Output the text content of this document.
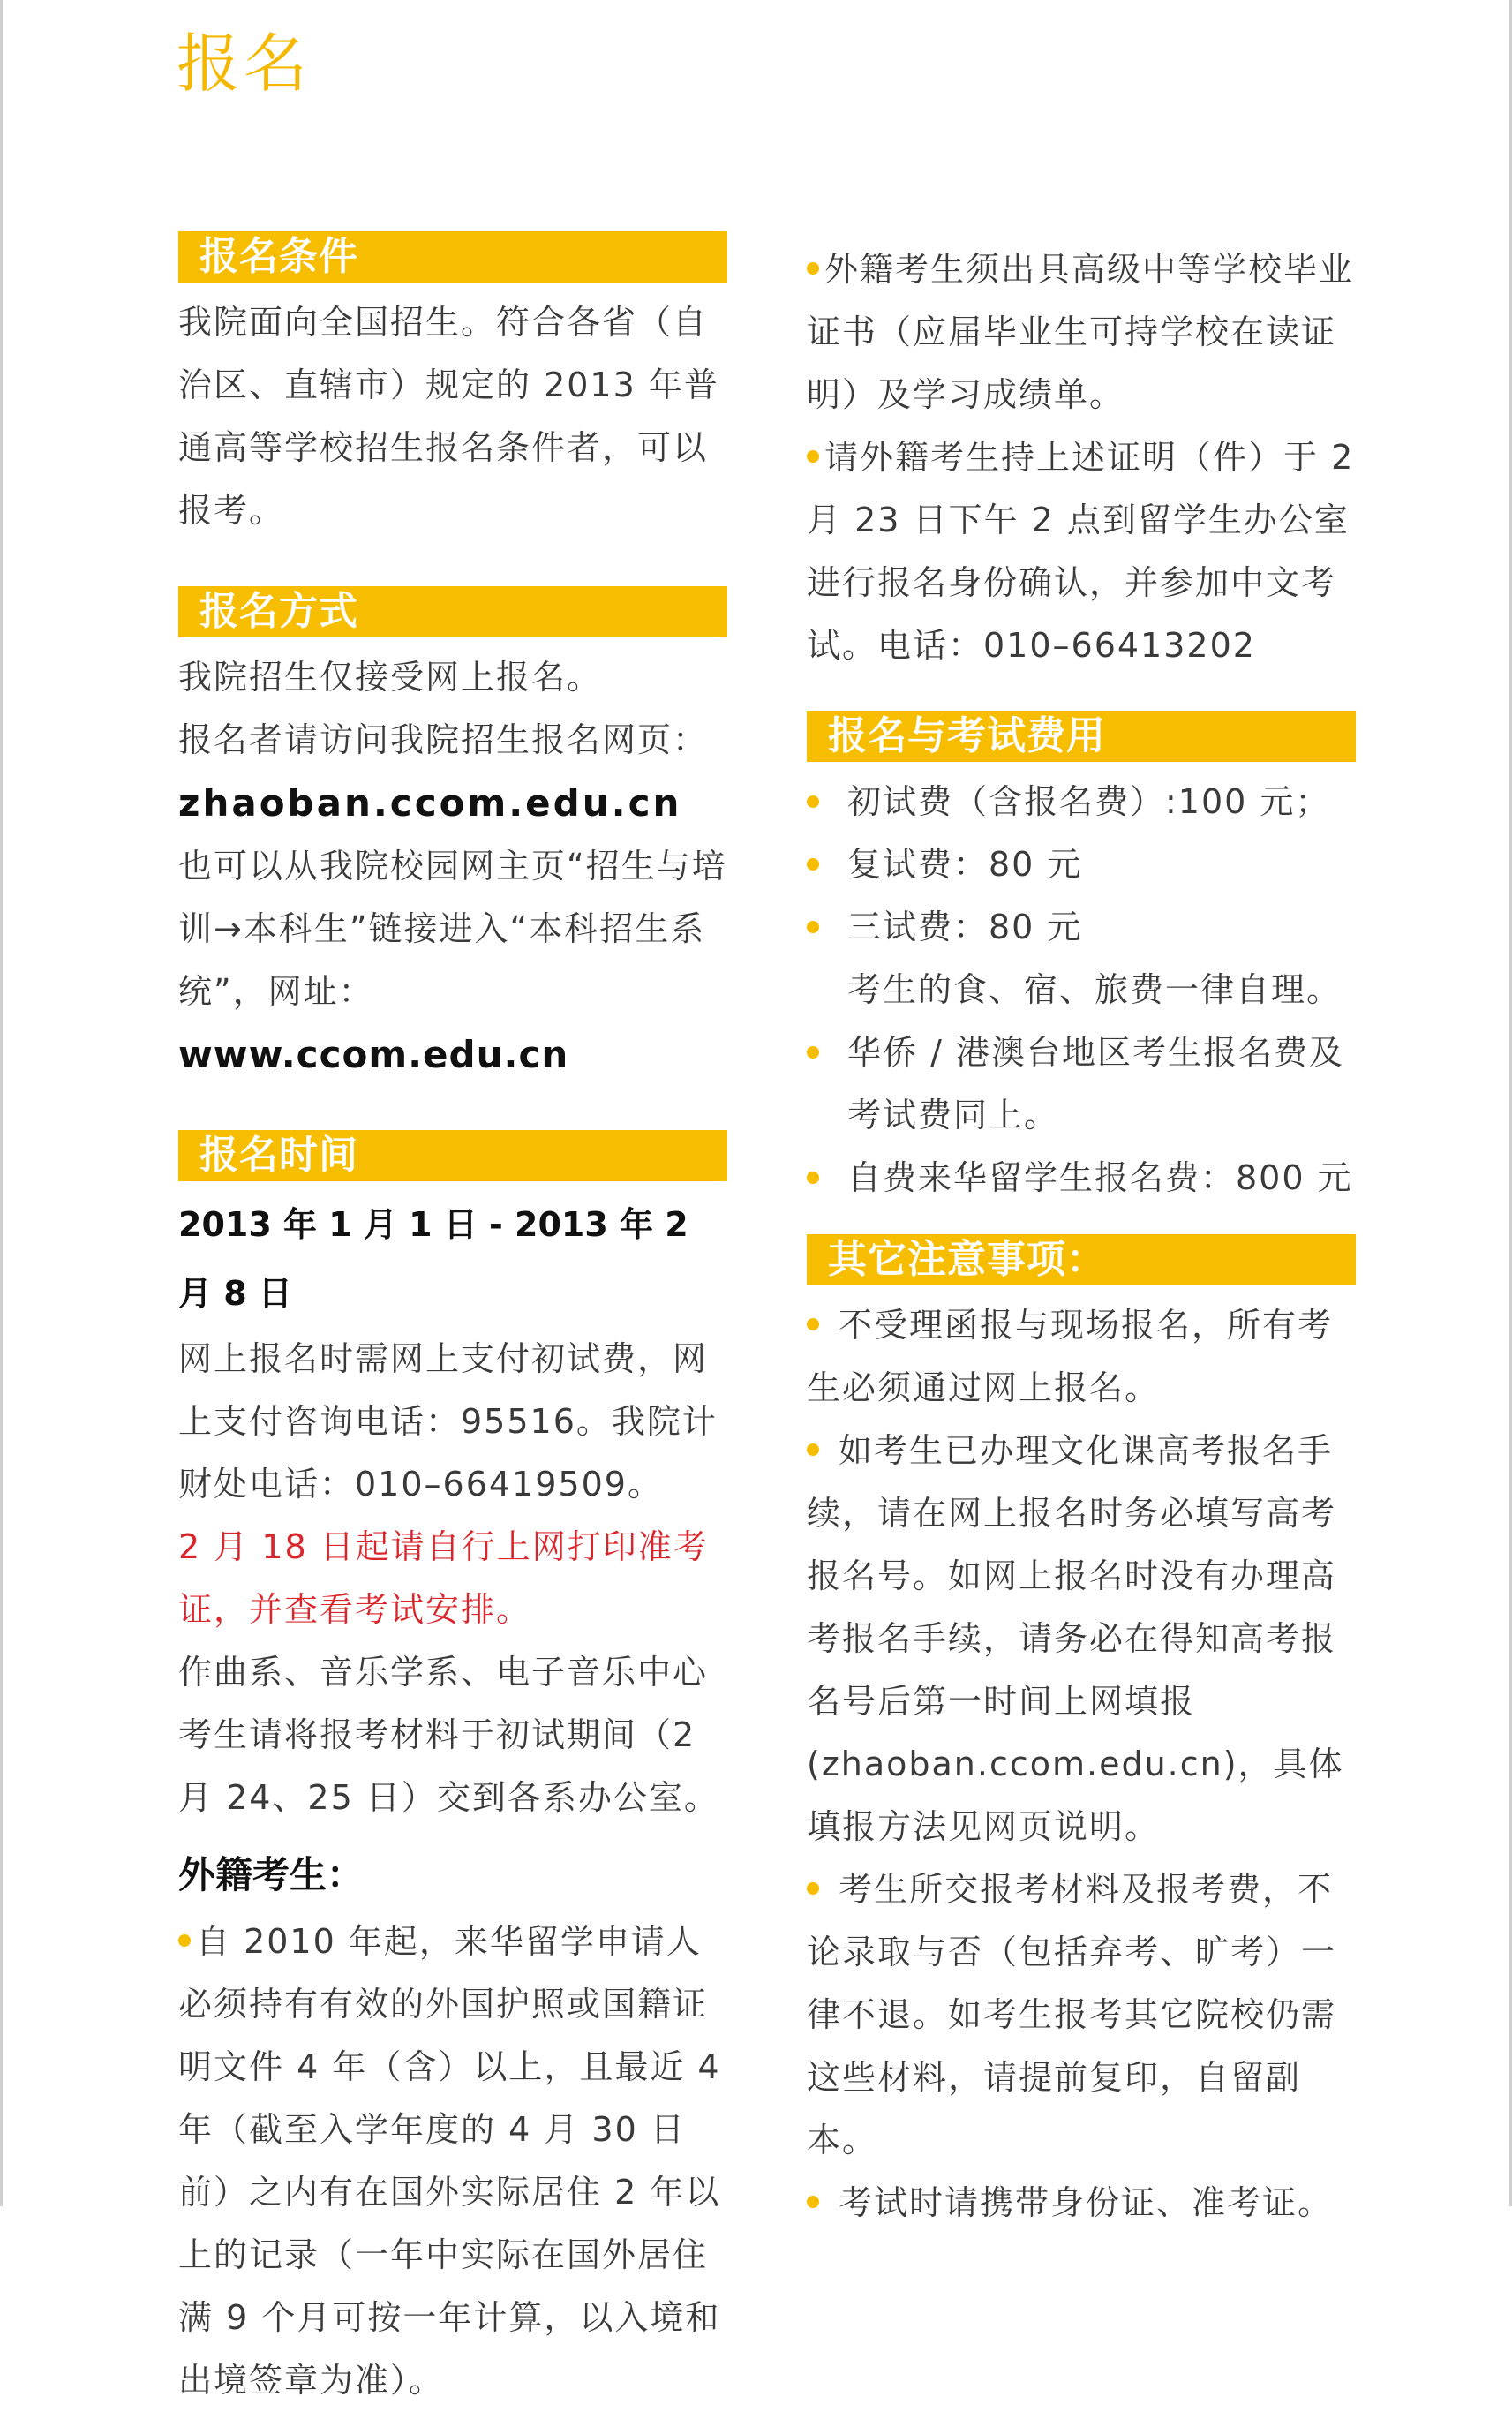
报名
报名条件

我院面向全国招生。符合各省（自治区、直辖市）规定的 2013 年普通高等学校招生报名条件者，可以报考。

报名方式

我院招生仅接受网上报名。

报名者请访问我院招生报名网页：

zhaoban.ccom.edu.cn

也可以从我院校园网主页“招生与培训→本科生”链接进入“本科招生系统”，网址：www.ccom.edu.cn

报名时间
2013 年 1 月 1 日 - 2013 年 2 月 8 日

网上报名时需网上支付初试费，网上支付咨询电话：95516。我院计财处电话：010–66419509。

2 月 18 日起请自行上网打印准考证，并查看考试安排。

作曲系、音乐学系、电子音乐中心考生请将报考材料于初试期间（2 月 24、25 日）交到各系办公室。

外籍考生：

自 2010 年起，来华留学申请人必须持有有效的外国护照或国籍证明文件 4 年（含）以上，且最近 4 年（截至入学年度的 4 月 30 日前）之内有在国外实际居住 2 年以上的记录（一年中实际在国外居住满 9 个月可按一年计算，以入境和出境签章为准）。

外籍考生须出具高级中等学校毕业证书（应届毕业生可持学校在读证明）及学习成绩单。

请外籍考生持上述证明（件）于 2 月 23 日下午 2 点到留学生办公室进行报名身份确认，并参加中文考试。电话：010–66413202

报名与考试费用
初试费（含报名费）:100 元；
复试费：80 元
三试费：80 元
考生的食、宿、旅费一律自理。
华侨 / 港澳台地区考生报名费及考试费同上。
自费来华留学生报名费：800 元
其它注意事项：

不受理函报与现场报名，所有考生必须通过网上报名。

如考生已办理文化课高考报名手续，请在网上报名时务必填写高考报名号。如网上报名时没有办理高考报名手续，请务必在得知高考报名号后第一时间上网填报(zhaoban.ccom.edu.cn)，具体填报方法见网页说明。

考生所交报考材料及报考费，不论录取与否（包括弃考、旷考）一律不退。如考生报考其它院校仍需这些材料，请提前复印，自留副本。

考试时请携带身份证、准考证。
